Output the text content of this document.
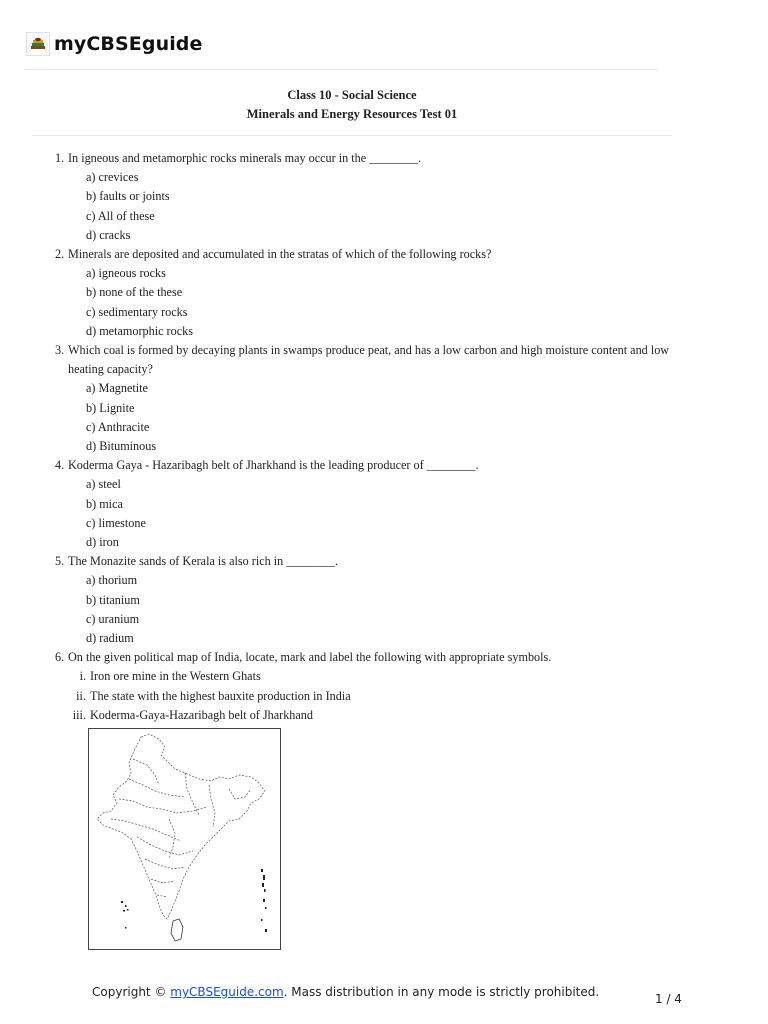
myCBSEguide
Class 10 - Social Science
Minerals and Energy Resources Test 01
1. In igneous and metamorphic rocks minerals may occur in the ________.
a) crevices
b) faults or joints
c) All of these
d) cracks
2. Minerals are deposited and accumulated in the stratas of which of the following rocks?
a) igneous rocks
b) none of the these
c) sedimentary rocks
d) metamorphic rocks
3. Which coal is formed by decaying plants in swamps produce peat, and has a low carbon and high moisture content and low heating capacity?
a) Magnetite
b) Lignite
c) Anthracite
d) Bituminous
4. Koderma Gaya - Hazaribagh belt of Jharkhand is the leading producer of ________.
a) steel
b) mica
c) limestone
d) iron
5. The Monazite sands of Kerala is also rich in ________.
a) thorium
b) titanium
c) uranium
d) radium
6. On the given political map of India, locate, mark and label the following with appropriate symbols.
i. Iron ore mine in the Western Ghats
ii. The state with the highest bauxite production in India
iii. Koderma-Gaya-Hazaribagh belt of Jharkhand
Copyright © myCBSEguide.com. Mass distribution in any mode is strictly prohibited.	1 / 4
